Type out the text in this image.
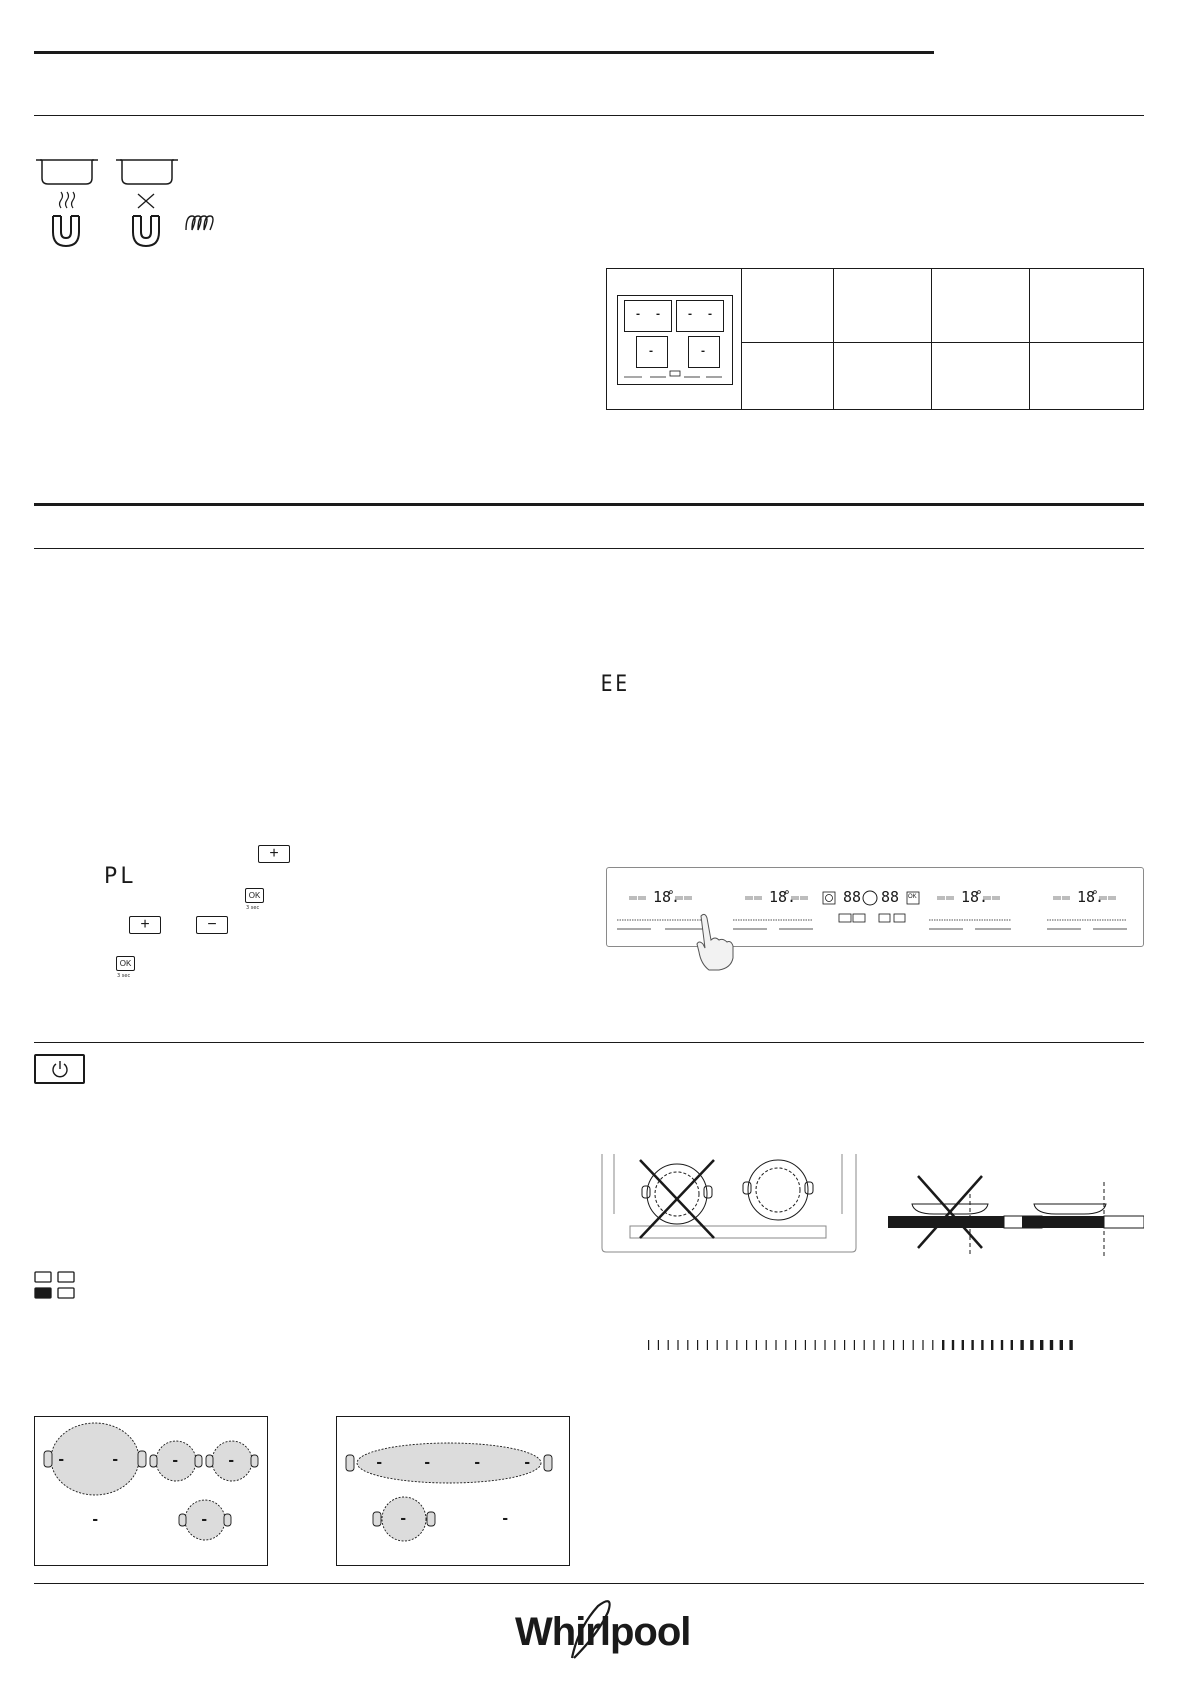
- -	- -
-	-
EE
+
PL
OK
3 sec
+	−
OK
3 sec
18.	18.	88 88	18.	18.
OK
-	-	-	-
-	-
-	-	-	-
-	-
Whirlpool
